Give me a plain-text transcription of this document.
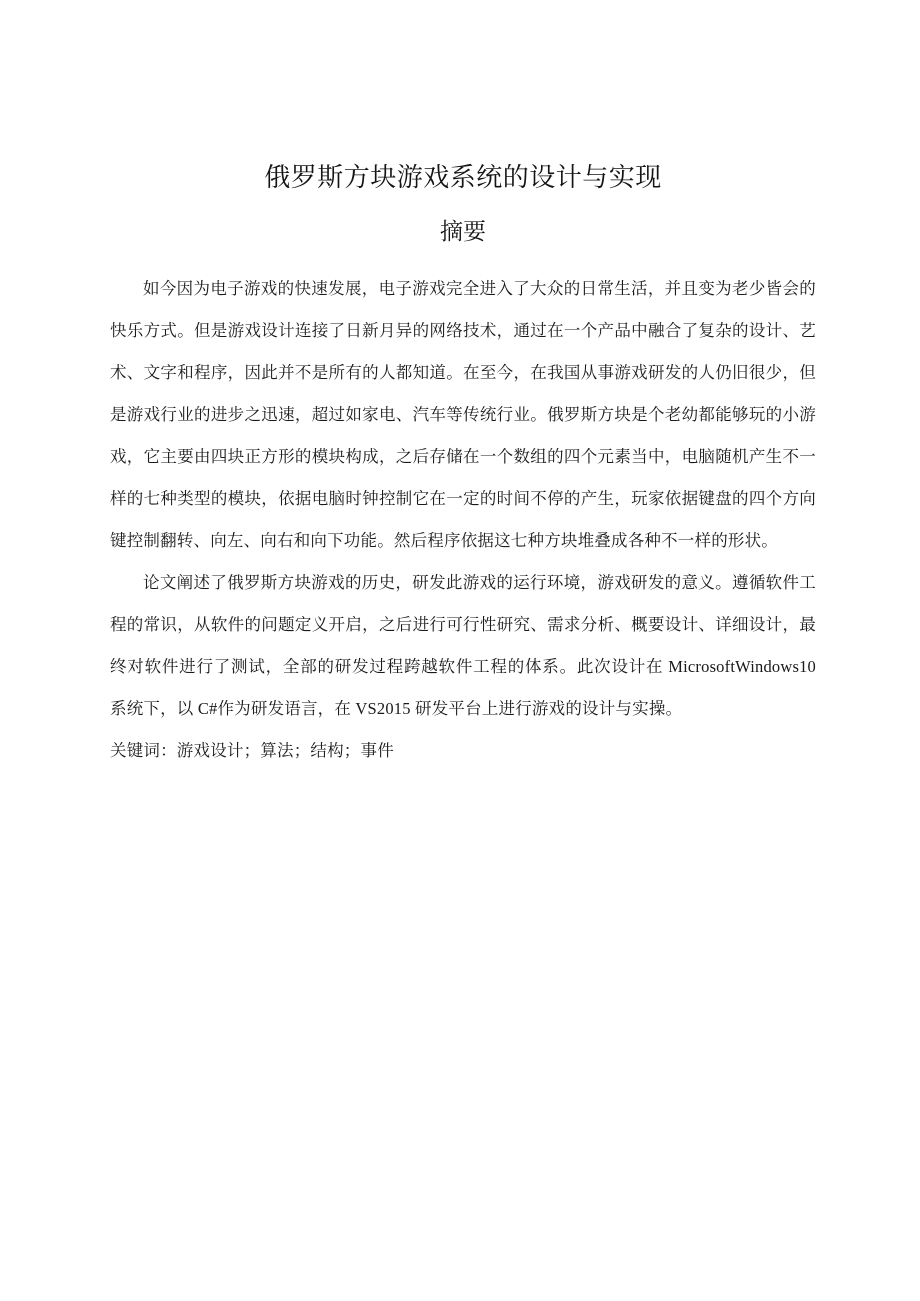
俄罗斯方块游戏系统的设计与实现
摘要

如今因为电子游戏的快速发展，电子游戏完全进入了大众的日常生活，并且变为老少皆会的快乐方式。但是游戏设计连接了日新月异的网络技术，通过在一个产品中融合了复杂的设计、艺术、文字和程序，因此并不是所有的人都知道。在至今，在我国从事游戏研发的人仍旧很少，但是游戏行业的进步之迅速，超过如家电、汽车等传统行业。俄罗斯方块是个老幼都能够玩的小游戏，它主要由四块正方形的模块构成，之后存储在一个数组的四个元素当中，电脑随机产生不一样的七种类型的模块，依据电脑时钟控制它在一定的时间不停的产生，玩家依据键盘的四个方向键控制翻转、向左、向右和向下功能。然后程序依据这七种方块堆叠成各种不一样的形状。

论文阐述了俄罗斯方块游戏的历史，研发此游戏的运行环境，游戏研发的意义。遵循软件工程的常识，从软件的问题定义开启，之后进行可行性研究、需求分析、概要设计、详细设计，最终对软件进行了测试，全部的研发过程跨越软件工程的体系。此次设计在 MicrosoftWindows10 系统下，以 C#作为研发语言，在 VS2015 研发平台上进行游戏的设计与实操。

关键词：游戏设计；算法；结构；事件
